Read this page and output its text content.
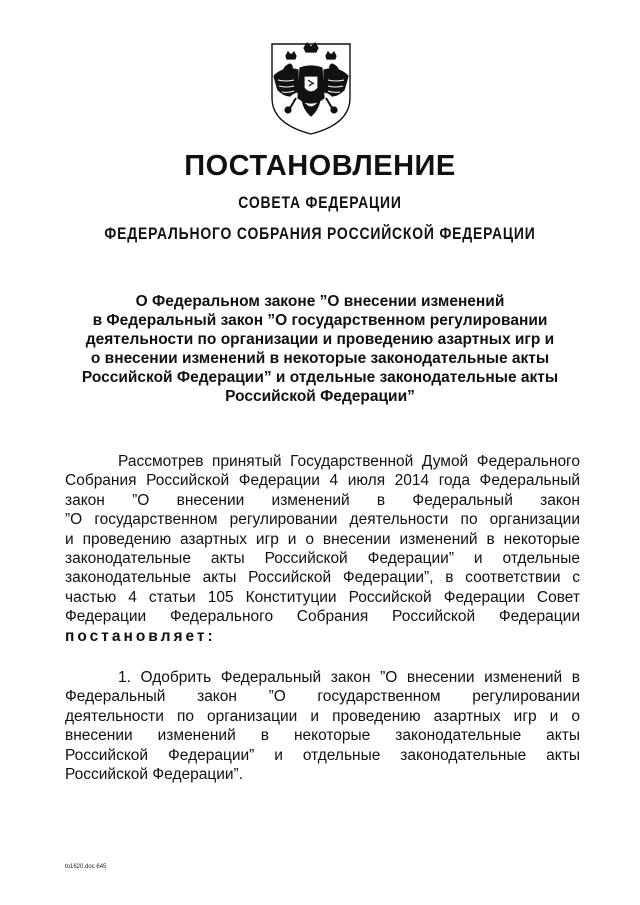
ПОСТАНОВЛЕНИЕ
СОВЕТА ФЕДЕРАЦИИ
ФЕДЕРАЛЬНОГО СОБРАНИЯ РОССИЙСКОЙ ФЕДЕРАЦИИ
О Федеральном законе ”О внесении изменений
в Федеральный закон ”О государственном регулировании
деятельности по организации и проведению азартных игр и
о внесении изменений в некоторые законодательные акты
Российской Федерации” и отдельные законодательные акты
Российской Федерации”
Рассмотрев принятый Государственной Думой Федерального
Собрания Российской Федерации 4 июля 2014 года Федеральный
закон ”О внесении изменений в Федеральный закон
”О государственном регулировании деятельности по организации
и проведению азартных игр и о внесении изменений в некоторые
законодательные акты Российской Федерации” и отдельные
законодательные акты Российской Федерации”, в соответствии с
частью 4 статьи 105 Конституции Российской Федерации Совет
Федерации Федерального Собрания Российской Федерации
постановляет:
1. Одобрить Федеральный закон ”О внесении изменений в
Федеральный закон ”О государственном регулировании
деятельности по организации и проведению азартных игр и о
внесении изменений в некоторые законодательные акты
Российской Федерации” и отдельные законодательные акты
Российской Федерации”.
to1620.doc 645
